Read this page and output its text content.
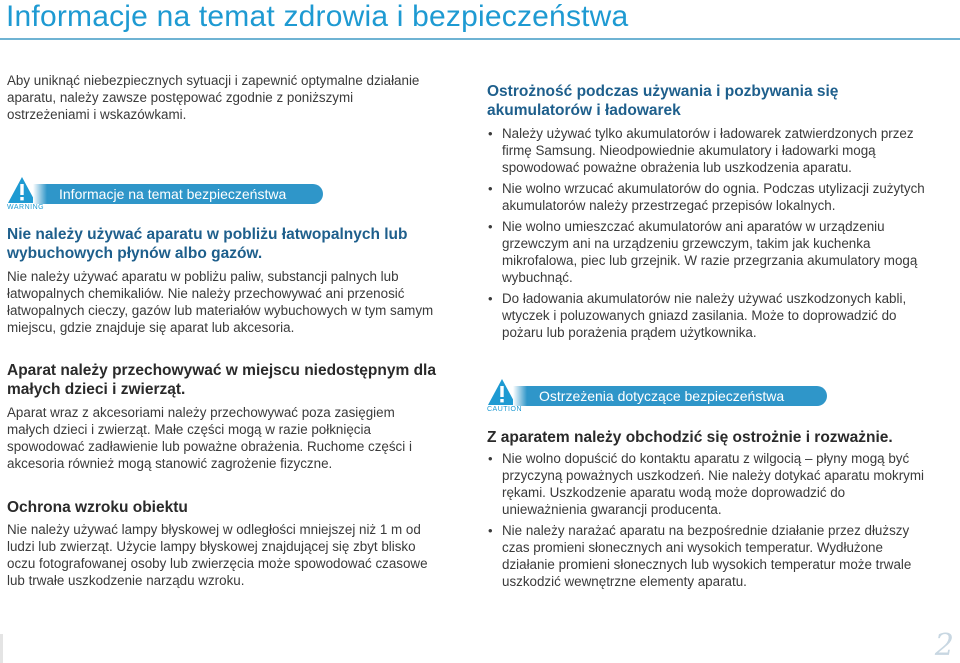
Informacje na temat zdrowia i bezpieczeństwa

Aby uniknąć niebezpiecznych sytuacji i zapewnić optymalne działanie aparatu, należy zawsze postępować zgodnie z poniższymi ostrzeżeniami i wskazówkami.

WARNING
Informacje na temat bezpieczeństwa

Nie należy używać aparatu w pobliżu łatwopalnych lub wybuchowych płynów albo gazów.

Nie należy używać aparatu w pobliżu paliw, substancji palnych lub łatwopalnych chemikaliów. Nie należy przechowywać ani przenosić łatwopalnych cieczy, gazów lub materiałów wybuchowych w tym samym miejscu, gdzie znajduje się aparat lub akcesoria.

Aparat należy przechowywać w miejscu niedostępnym dla małych dzieci i zwierząt.

Aparat wraz z akcesoriami należy przechowywać poza zasięgiem małych dzieci i zwierząt. Małe części mogą w razie połknięcia spowodować zadławienie lub poważne obrażenia. Ruchome części i akcesoria również mogą stanowić zagrożenie fizyczne.

Ochrona wzroku obiektu

Nie należy używać lampy błyskowej w odległości mniejszej niż 1 m od ludzi lub zwierząt. Użycie lampy błyskowej znajdującej się zbyt blisko oczu fotografowanej osoby lub zwierzęcia może spowodować czasowe lub trwałe uszkodzenie narządu wzroku.

Ostrożność podczas używania i pozbywania się akumulatorów i ładowarek

• Należy używać tylko akumulatorów i ładowarek zatwierdzonych przez firmę Samsung. Nieodpowiednie akumulatory i ładowarki mogą spowodować poważne obrażenia lub uszkodzenia aparatu.
• Nie wolno wrzucać akumulatorów do ognia. Podczas utylizacji zużytych akumulatorów należy przestrzegać przepisów lokalnych.
• Nie wolno umieszczać akumulatorów ani aparatów w urządzeniu grzewczym ani na urządzeniu grzewczym, takim jak kuchenka mikrofalowa, piec lub grzejnik. W razie przegrzania akumulatory mogą wybuchnąć.
• Do ładowania akumulatorów nie należy używać uszkodzonych kabli, wtyczek i poluzowanych gniazd zasilania. Może to doprowadzić do pożaru lub porażenia prądem użytkownika.
CAUTION
Ostrzeżenia dotyczące bezpieczeństwa

Z aparatem należy obchodzić się ostrożnie i rozważnie.

• Nie wolno dopuścić do kontaktu aparatu z wilgocią – płyny mogą być przyczyną poważnych uszkodzeń. Nie należy dotykać aparatu mokrymi rękami. Uszkodzenie aparatu wodą może doprowadzić do unieważnienia gwarancji producenta.
• Nie należy narażać aparatu na bezpośrednie działanie przez dłuższy czas promieni słonecznych ani wysokich temperatur. Wydłużone działanie promieni słonecznych lub wysokich temperatur może trwale uszkodzić wewnętrzne elementy aparatu.
2
